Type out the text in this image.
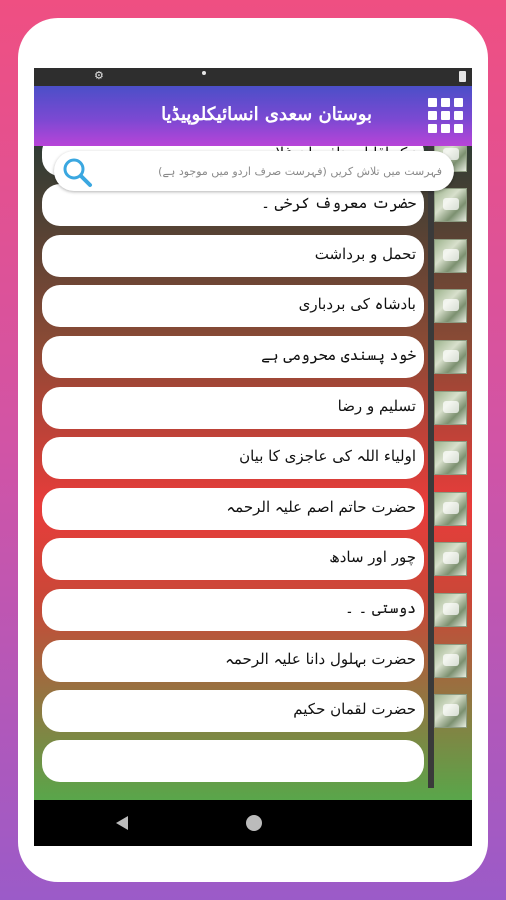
⚙
بوستان سعدی انسائیکلوپیڈیا
حضرت معروف کرخی ۔
تحمل و برداشت
بادشاہ کی بردباری
خود پسندی محرومی ہے
تسلیم و رضا
اولیاء اللہ کی عاجزی کا بیان
حضرت حاتم اصم علیہ الرحمہ
چور اور سادھ
دوستی ۔ ۔
حضرت بہلول دانا علیہ الرحمہ
حضرت لقمان حکیم
فہرست میں تلاش کریں (فہرست صرف اردو میں موجود ہے)
